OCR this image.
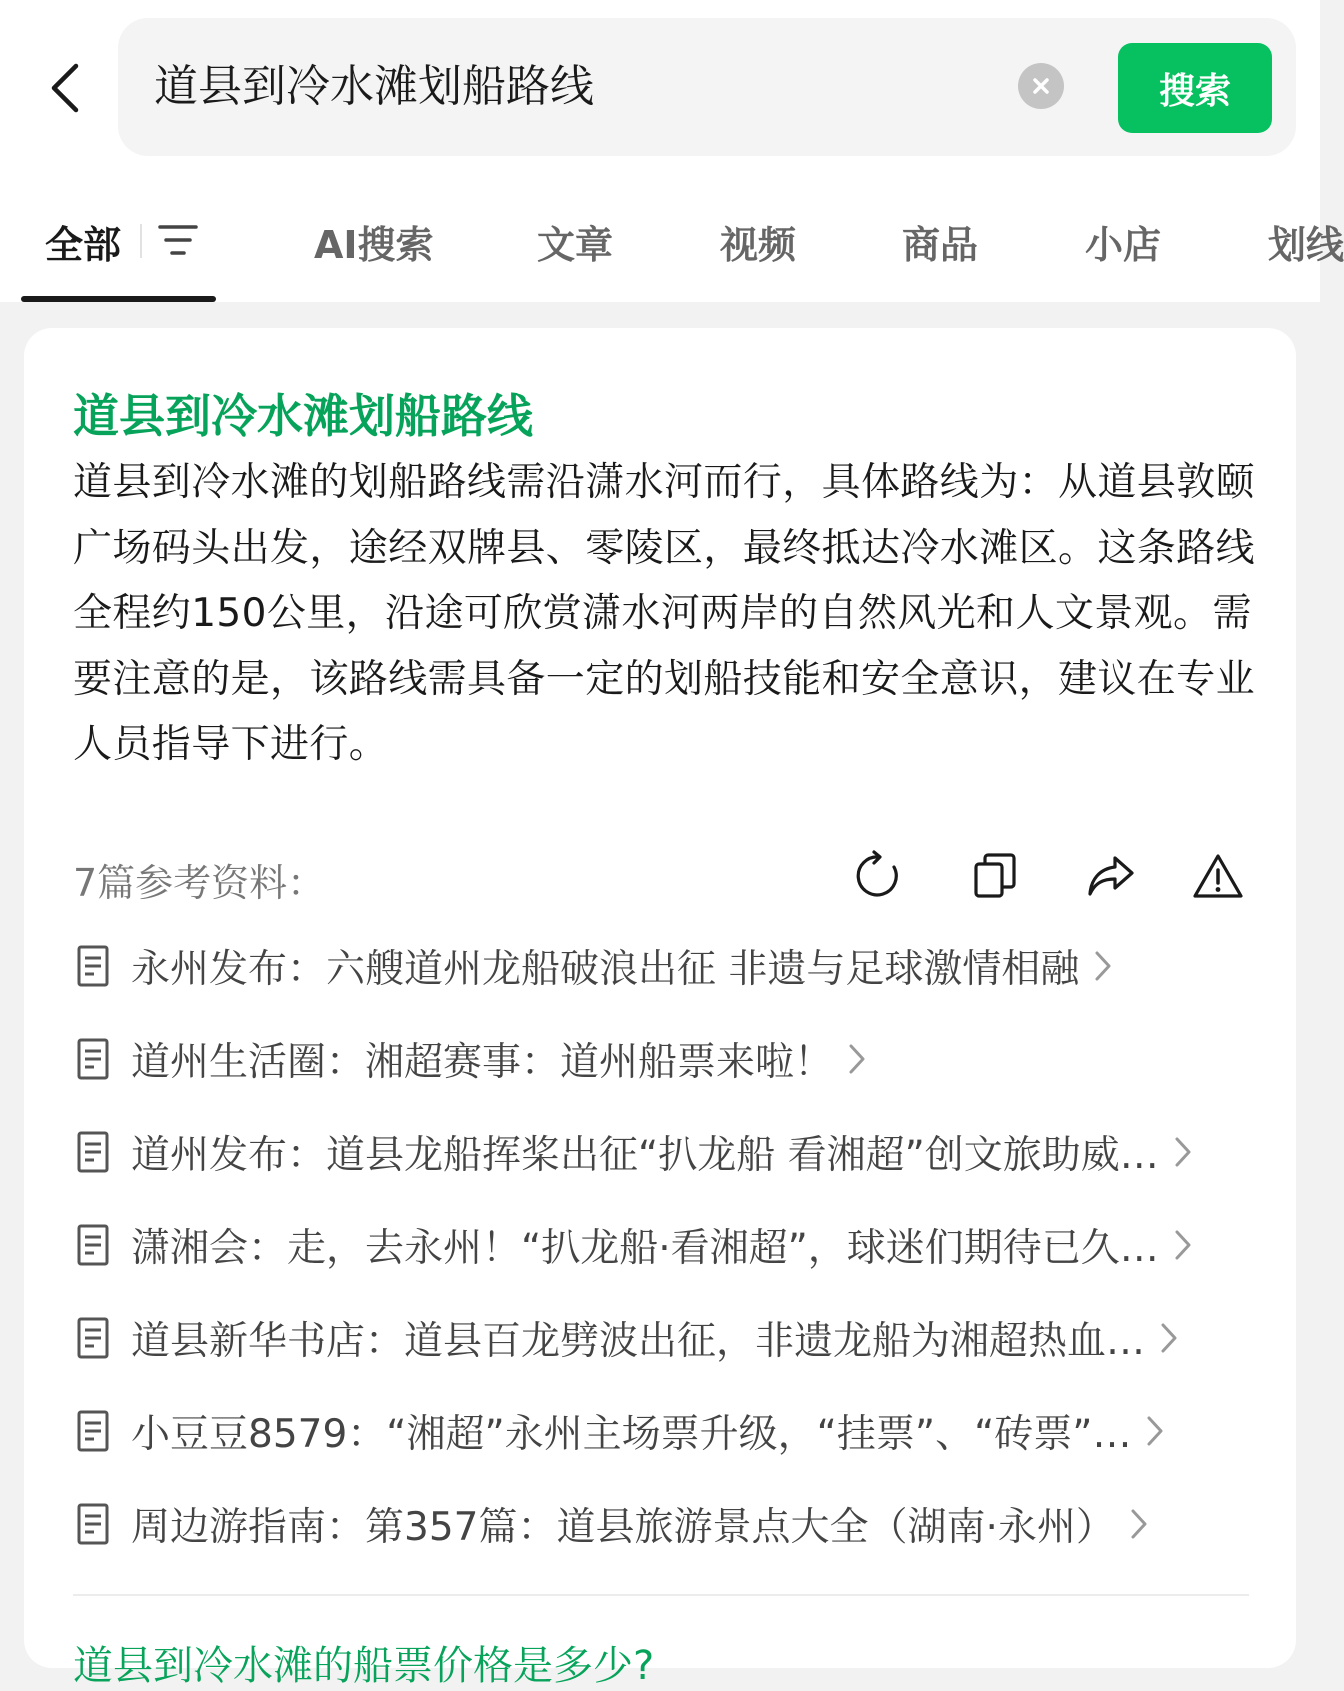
道县到冷水滩划船路线	搜索
全部	AI搜索	文章	视频	商品	小店	划线
道县到冷水滩划船路线
道县到冷水滩的划船路线需沿潇水河而行，具体路线为：从道县敦颐广场码头出发，途经双牌县、零陵区，最终抵达冷水滩区。这条路线全程约150公里，沿途可欣赏潇水河两岸的自然风光和人文景观。需要注意的是，该路线需具备一定的划船技能和安全意识，建议在专业人员指导下进行。
7篇参考资料：
永州发布：六艘道州龙船破浪出征 非遗与足球激情相融
道州生活圈：湘超赛事：道州船票来啦！
道州发布：道县龙船挥桨出征“扒龙船 看湘超”创文旅助威…
潇湘会：走，去永州！“扒龙船·看湘超”，球迷们期待已久…
道县新华书店：道县百龙劈波出征，非遗龙船为湘超热血…
小豆豆8579：“湘超”永州主场票升级，“挂票”、“砖票”…
周边游指南：第357篇：道县旅游景点大全（湖南·永州）
道县到冷水滩的船票价格是多少?
